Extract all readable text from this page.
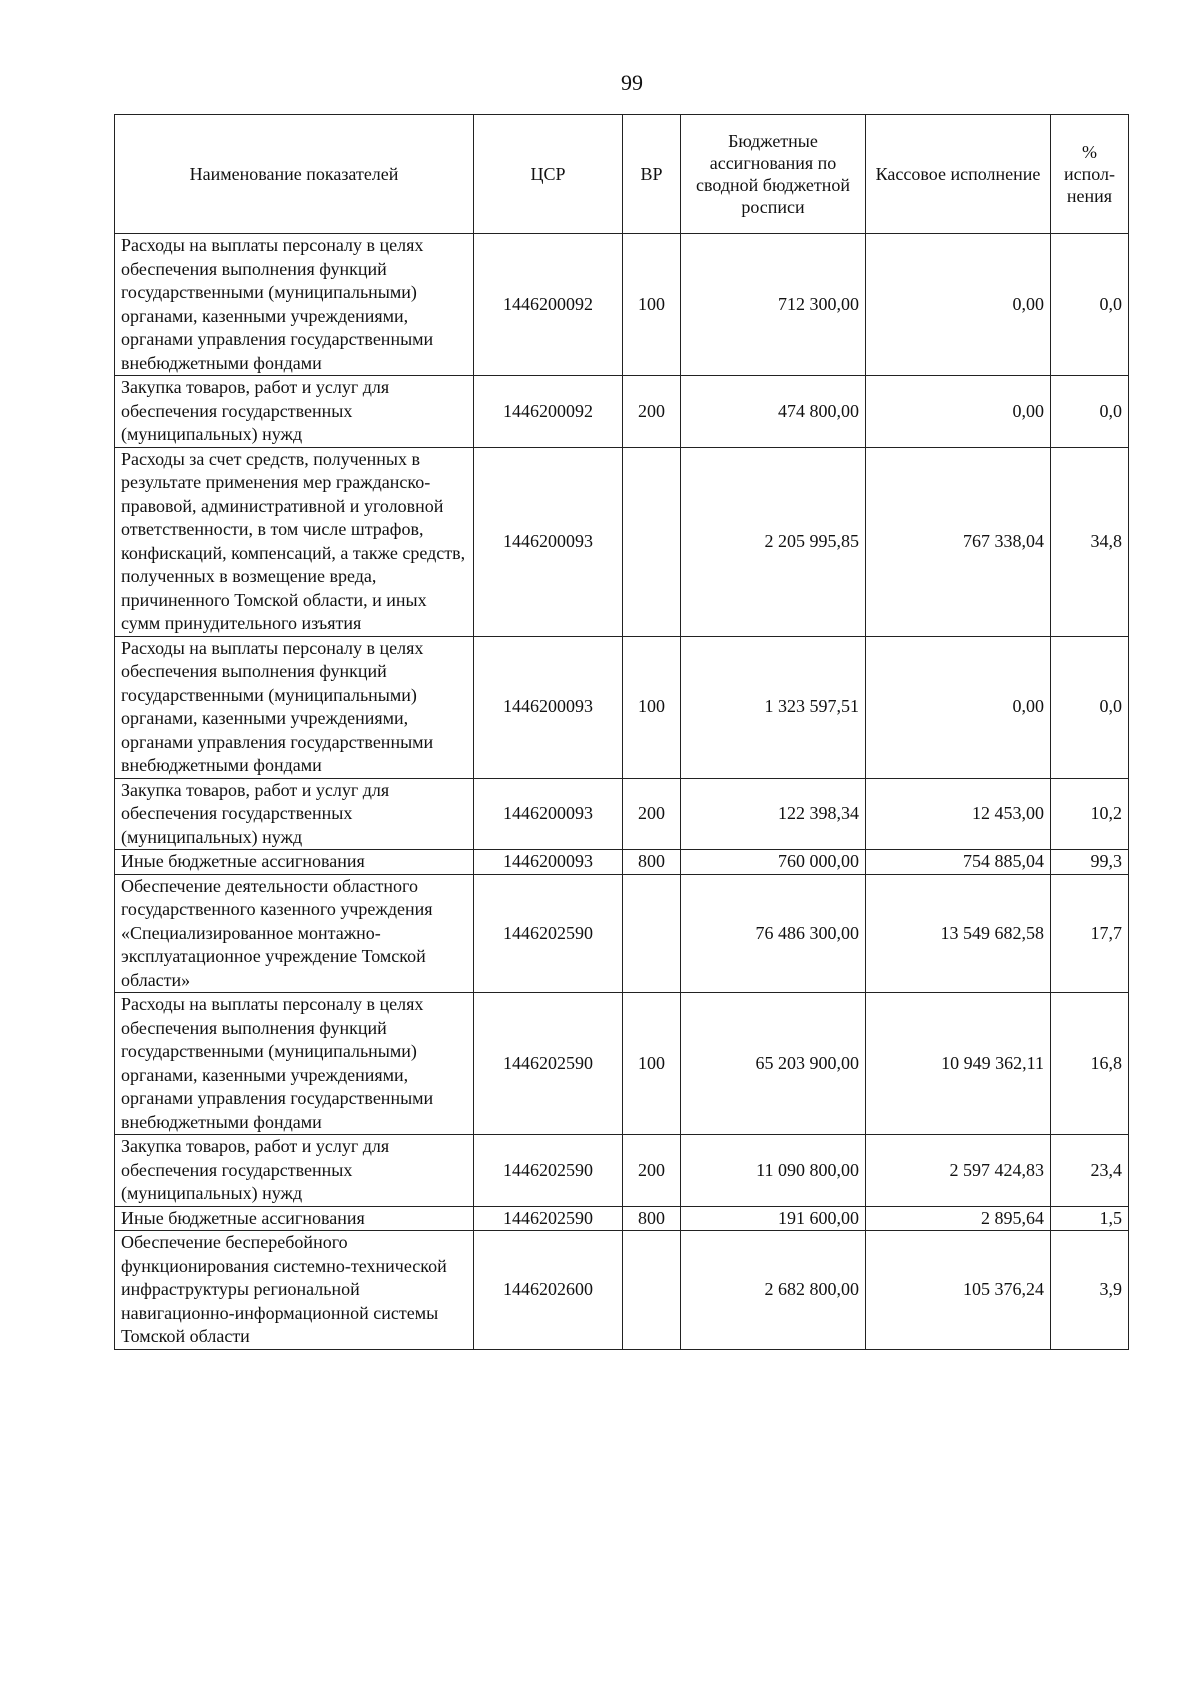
99
Наименование показателей	ЦСР	ВР	Бюджетные ассигнования по сводной бюджетной росписи	Кассовое исполнение	% испол-нения
Расходы на выплаты персоналу в целях обеспечения выполнения функций государственными (муниципальными) органами, казенными учреждениями, органами управления государственными внебюджетными фондами	1446200092	100	712 300,00	0,00	0,0
Закупка товаров, работ и услуг для обеспечения государственных (муниципальных) нужд	1446200092	200	474 800,00	0,00	0,0
Расходы за счет средств, полученных в результате применения мер гражданско-правовой, административной и уголовной ответственности, в том числе штрафов, конфискаций, компенсаций, а также средств, полученных в возмещение вреда, причиненного Томской области, и иных сумм принудительного изъятия	1446200093		2 205 995,85	767 338,04	34,8
Расходы на выплаты персоналу в целях обеспечения выполнения функций государственными (муниципальными) органами, казенными учреждениями, органами управления государственными внебюджетными фондами	1446200093	100	1 323 597,51	0,00	0,0
Закупка товаров, работ и услуг для обеспечения государственных (муниципальных) нужд	1446200093	200	122 398,34	12 453,00	10,2
Иные бюджетные ассигнования	1446200093	800	760 000,00	754 885,04	99,3
Обеспечение деятельности областного государственного казенного учреждения «Специализированное монтажно-эксплуатационное учреждение Томской области»	1446202590		76 486 300,00	13 549 682,58	17,7
Расходы на выплаты персоналу в целях обеспечения выполнения функций государственными (муниципальными) органами, казенными учреждениями, органами управления государственными внебюджетными фондами	1446202590	100	65 203 900,00	10 949 362,11	16,8
Закупка товаров, работ и услуг для обеспечения государственных (муниципальных) нужд	1446202590	200	11 090 800,00	2 597 424,83	23,4
Иные бюджетные ассигнования	1446202590	800	191 600,00	2 895,64	1,5
Обеспечение бесперебойного функционирования системно-технической инфраструктуры региональной навигационно-информационной системы Томской области	1446202600		2 682 800,00	105 376,24	3,9
